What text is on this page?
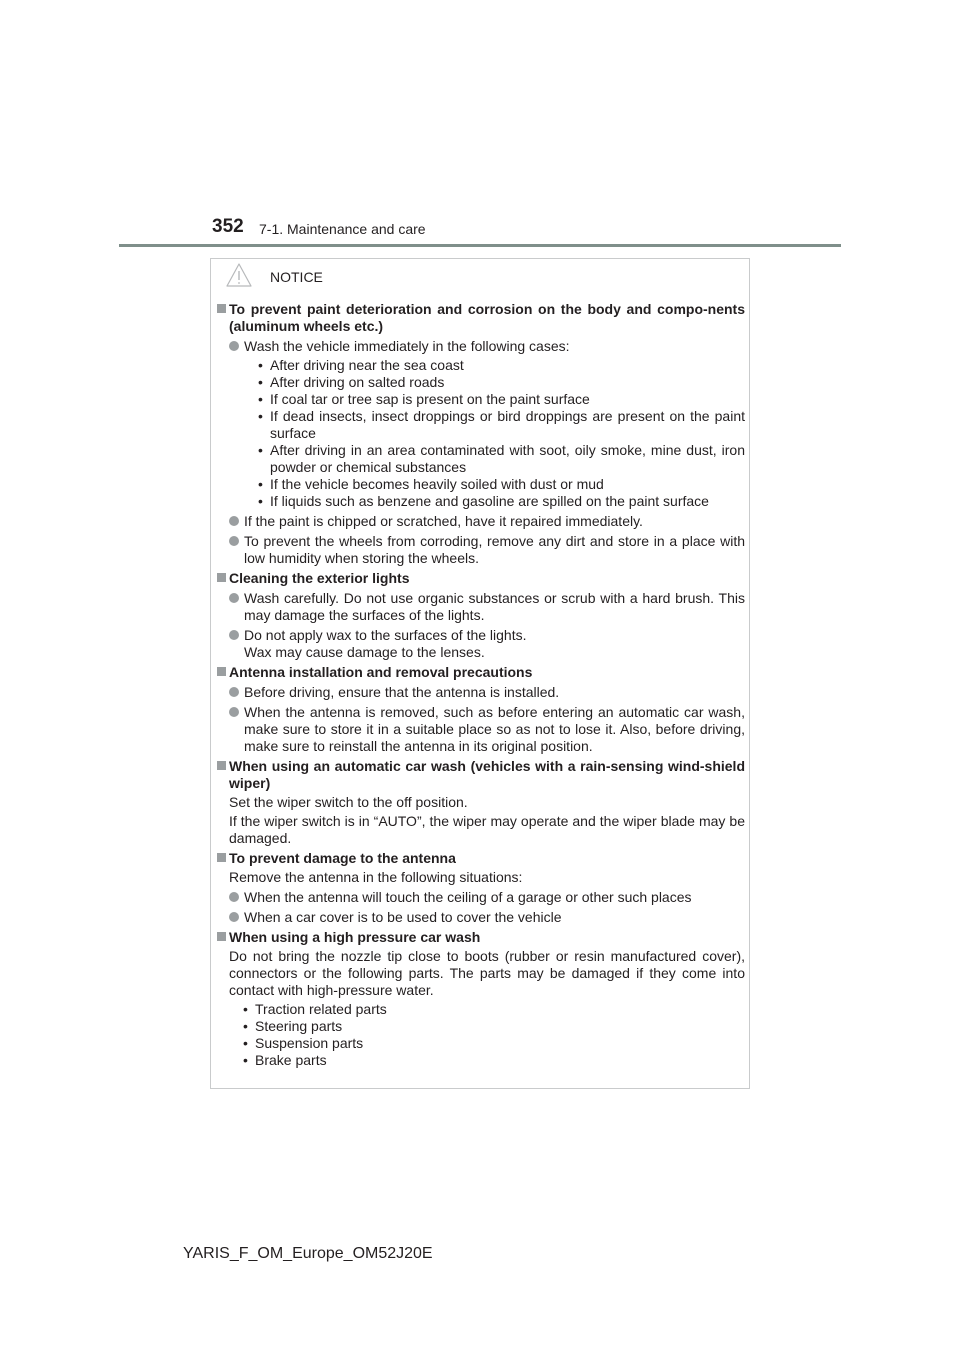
352 7-1. Maintenance and care
NOTICE
To prevent paint deterioration and corrosion on the body and compo-nents (aluminum wheels etc.)
Wash the vehicle immediately in the following cases:
• After driving near the sea coast
• After driving on salted roads
• If coal tar or tree sap is present on the paint surface
• If dead insects, insect droppings or bird droppings are present on the paint surface
• After driving in an area contaminated with soot, oily smoke, mine dust, iron powder or chemical substances
• If the vehicle becomes heavily soiled with dust or mud
• If liquids such as benzene and gasoline are spilled on the paint surface
If the paint is chipped or scratched, have it repaired immediately.
To prevent the wheels from corroding, remove any dirt and store in a place with low humidity when storing the wheels.
Cleaning the exterior lights
Wash carefully. Do not use organic substances or scrub with a hard brush. This may damage the surfaces of the lights.
Do not apply wax to the surfaces of the lights.
Wax may cause damage to the lenses.
Antenna installation and removal precautions
Before driving, ensure that the antenna is installed.
When the antenna is removed, such as before entering an automatic car wash, make sure to store it in a suitable place so as not to lose it. Also, before driving, make sure to reinstall the antenna in its original position.
When using an automatic car wash (vehicles with a rain-sensing wind-shield wiper)
Set the wiper switch to the off position.
If the wiper switch is in “AUTO”, the wiper may operate and the wiper blade may be damaged.
To prevent damage to the antenna
Remove the antenna in the following situations:
When the antenna will touch the ceiling of a garage or other such places
When a car cover is to be used to cover the vehicle
When using a high pressure car wash
Do not bring the nozzle tip close to boots (rubber or resin manufactured cover), connectors or the following parts. The parts may be damaged if they come into contact with high-pressure water.
• Traction related parts
• Steering parts
• Suspension parts
• Brake parts
YARIS_F_OM_Europe_OM52J20E
